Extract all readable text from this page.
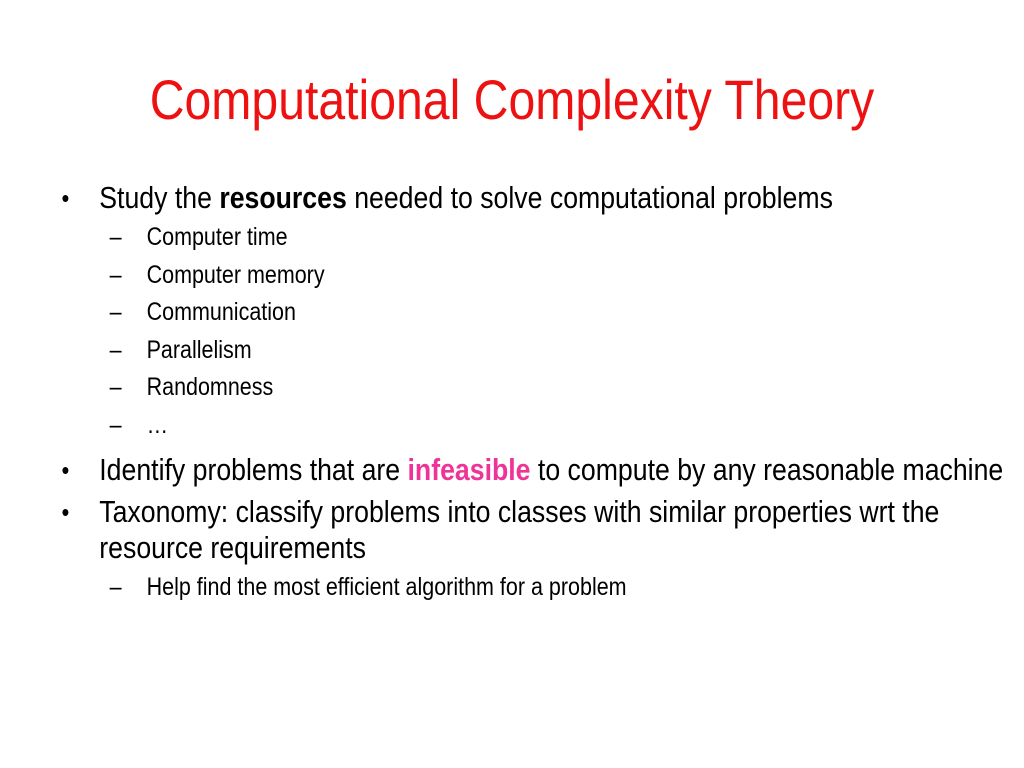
Computational Complexity Theory
• Study the resources needed to solve computational problems
– Computer time
– Computer memory
– Communication
– Parallelism
– Randomness
– …
• Identify problems that are infeasible to compute by any reasonable machine
• Taxonomy: classify problems into classes with similar properties wrt the resource requirements
– Help find the most efficient algorithm for a problem
